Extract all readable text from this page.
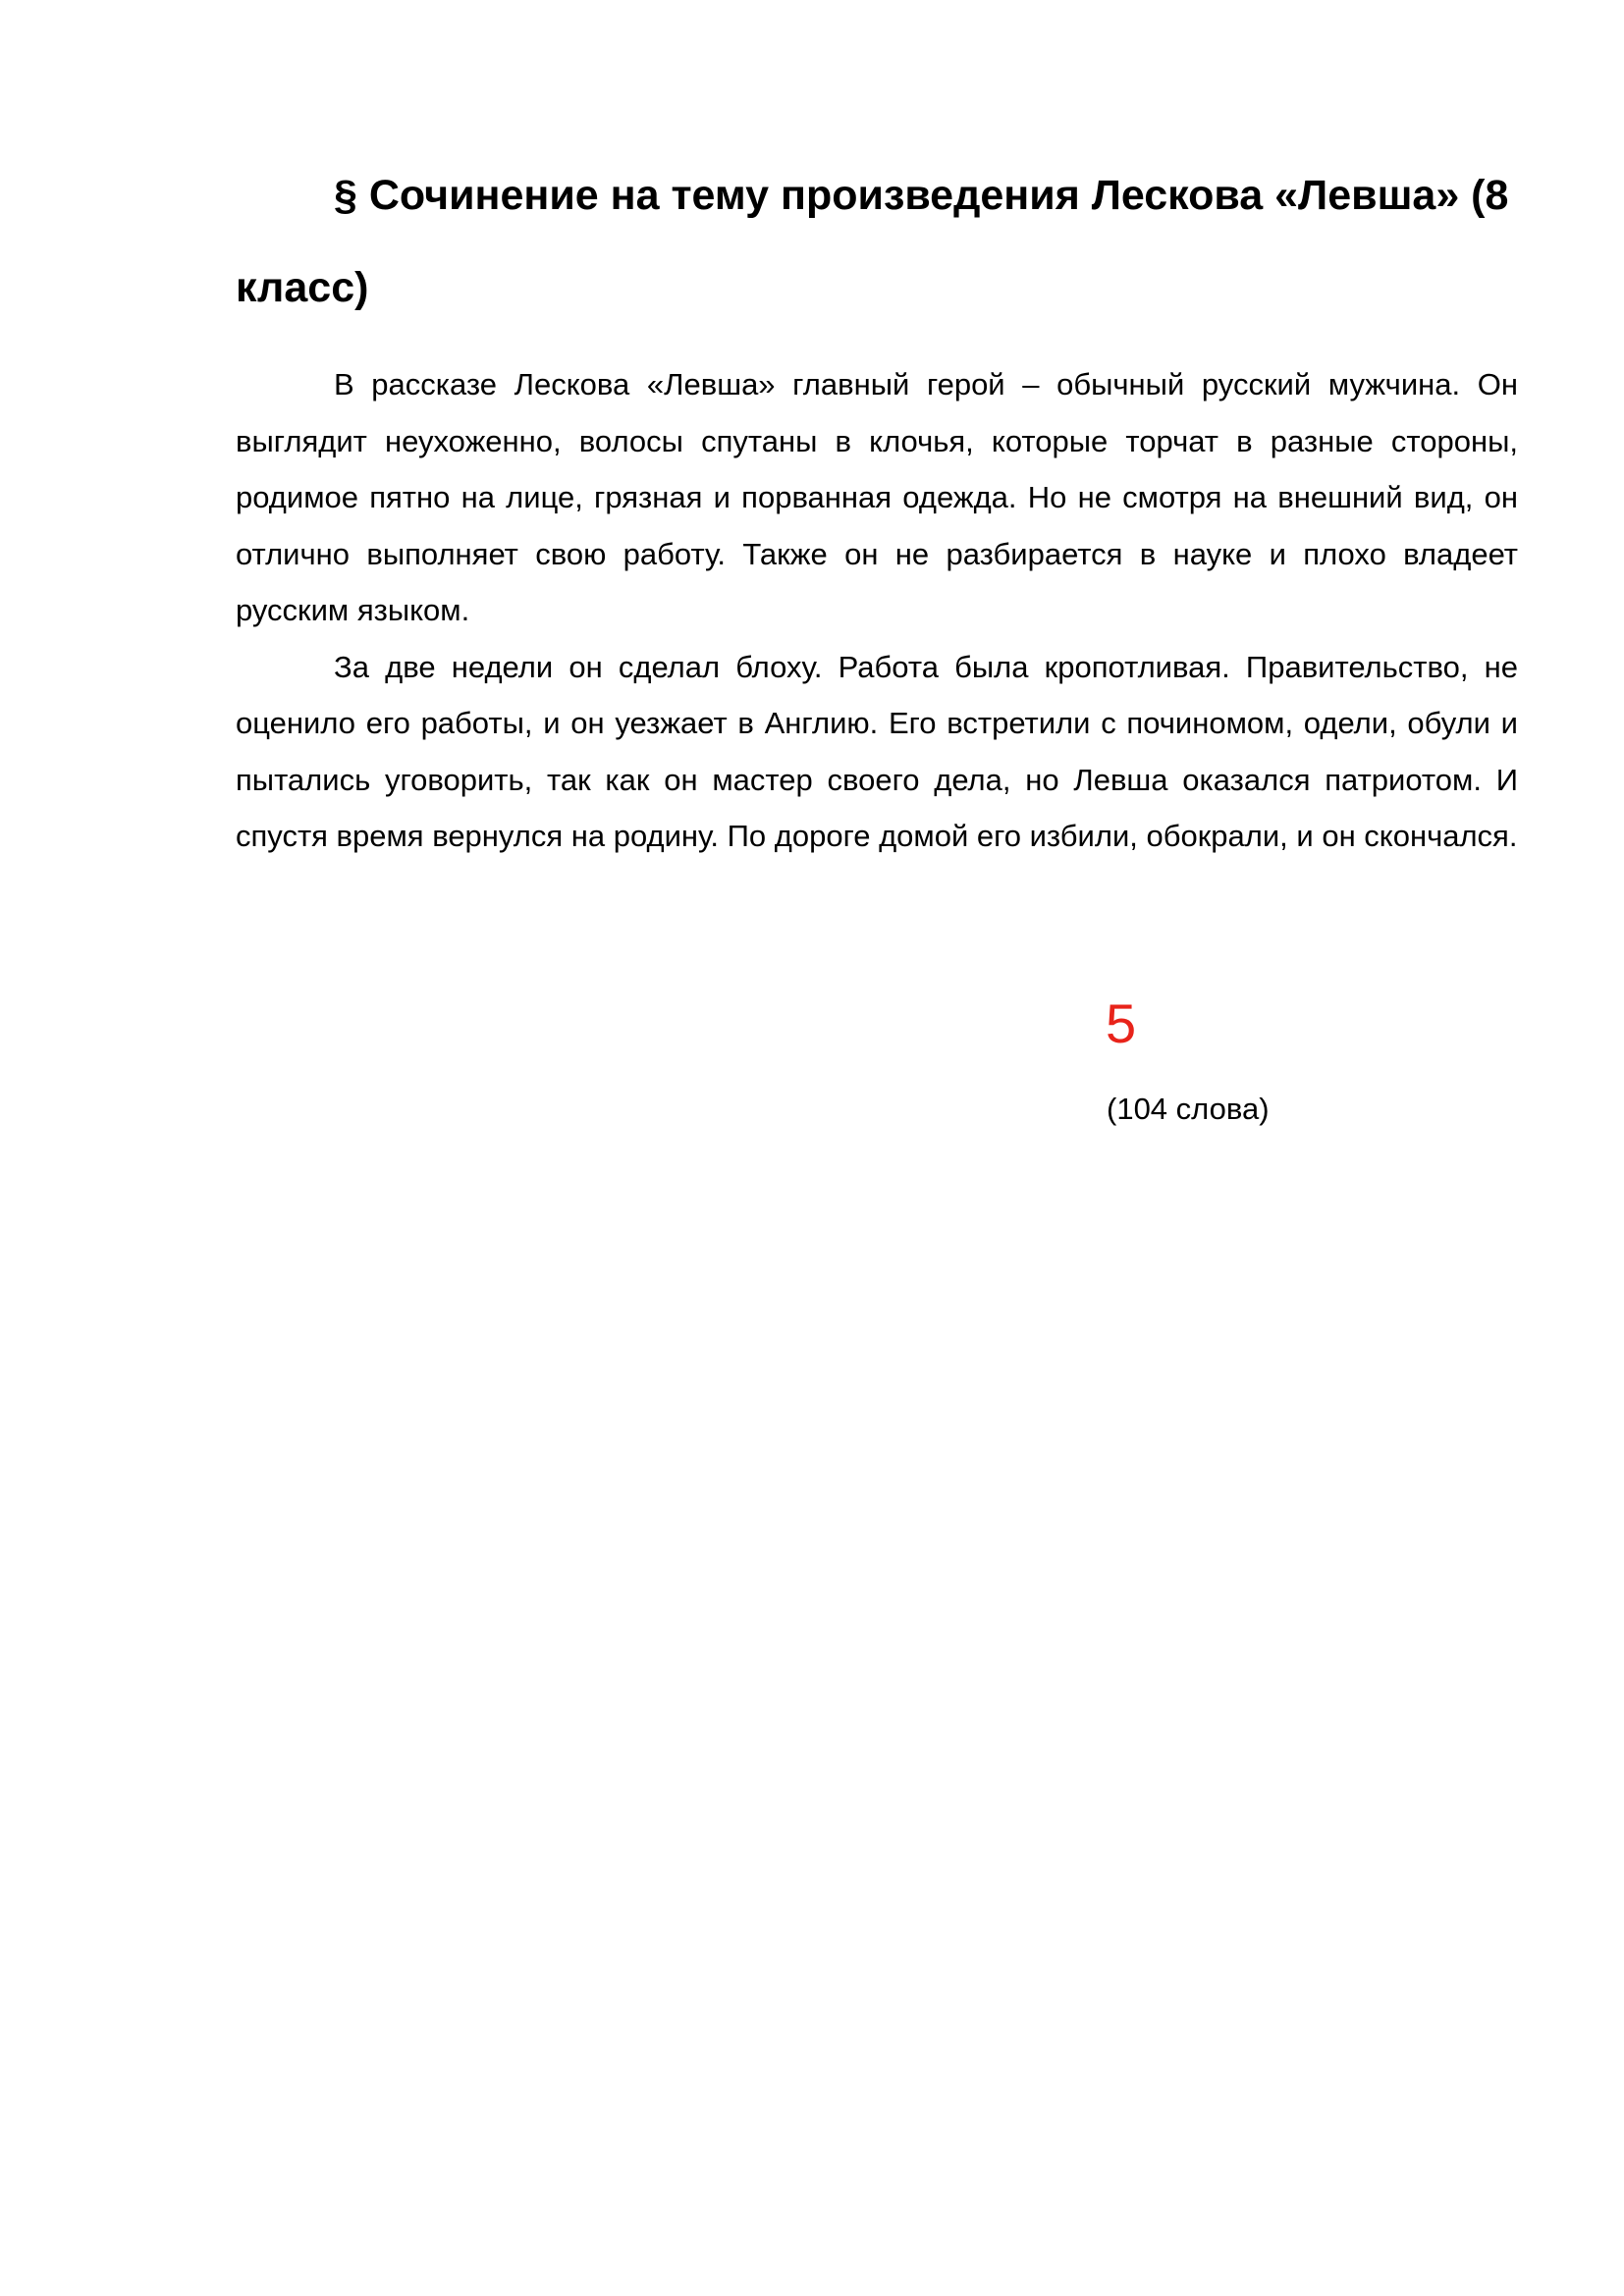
§ Сочинение на тему произведения Лескова «Левша» (8 класс)

В рассказе Лескова «Левша» главный герой – обычный русский мужчина. Он выглядит неухоженно, волосы спутаны в клочья, которые торчат в разные стороны, родимое пятно на лице, грязная и порванная одежда. Но не смотря на внешний вид, он отлично выполняет свою работу. Также он не разбирается в науке и плохо владеет русским языком.

За две недели он сделал блоху. Работа была кропотливая. Правительство, не оценило его работы, и он уезжает в Англию. Его встретили с починомом, одели, обули и пытались уговорить, так как он мастер своего дела, но Левша оказался патриотом. И спустя время вернулся на родину. По дороге домой его избили, обокрали, и он скончался.

5
(104 слова)
